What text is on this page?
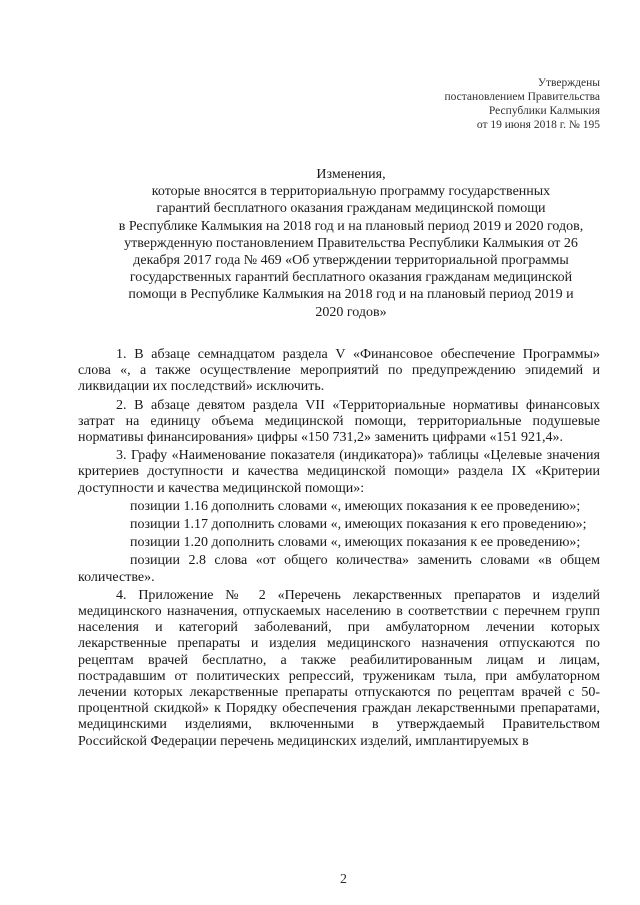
Утверждены
постановлением Правительства
Республики Калмыкия
от 19 июня 2018 г. № 195
Изменения,
которые вносятся в территориальную программу государственных
гарантий бесплатного оказания гражданам медицинской помощи
в Республике Калмыкия на 2018 год и на плановый период 2019 и 2020 годов,
утвержденную постановлением Правительства Республики Калмыкия от 26
декабря 2017 года № 469 «Об утверждении территориальной программы
государственных гарантий бесплатного оказания гражданам медицинской
помощи в Республике Калмыкия на 2018 год и на плановый период 2019 и
2020 годов»

1. В абзаце семнадцатом раздела V «Финансовое обеспечение Программы» слова «, а также осуществление мероприятий по предупреждению эпидемий и ликвидации их последствий» исключить.

2. В абзаце девятом раздела VII «Территориальные нормативы финансовых затрат на единицу объема медицинской помощи, территориальные подушевые нормативы финансирования» цифры «150 731,2» заменить цифрами «151 921,4».

3. Графу «Наименование показателя (индикатора)» таблицы «Целевые значения критериев доступности и качества медицинской помощи» раздела IX «Критерии доступности и качества медицинской помощи»:

позиции 1.16 дополнить словами «, имеющих показания к ее проведению»;

позиции 1.17 дополнить словами «, имеющих показания к его проведению»;

позиции 1.20 дополнить словами «, имеющих показания к ее проведению»;

позиции 2.8 слова «от общего количества» заменить словами «в общем количестве».

4. Приложение № 2 «Перечень лекарственных препаратов и изделий медицинского назначения, отпускаемых населению в соответствии с перечнем групп населения и категорий заболеваний, при амбулаторном лечении которых лекарственные препараты и изделия медицинского назначения отпускаются по рецептам врачей бесплатно, а также реабилитированным лицам и лицам, пострадавшим от политических репрессий, труженикам тыла, при амбулаторном лечении которых лекарственные препараты отпускаются по рецептам врачей с 50-процентной скидкой» к Порядку обеспечения граждан лекарственными препаратами, медицинскими изделиями, включенными в утверждаемый Правительством Российской Федерации перечень медицинских изделий, имплантируемых в

2
